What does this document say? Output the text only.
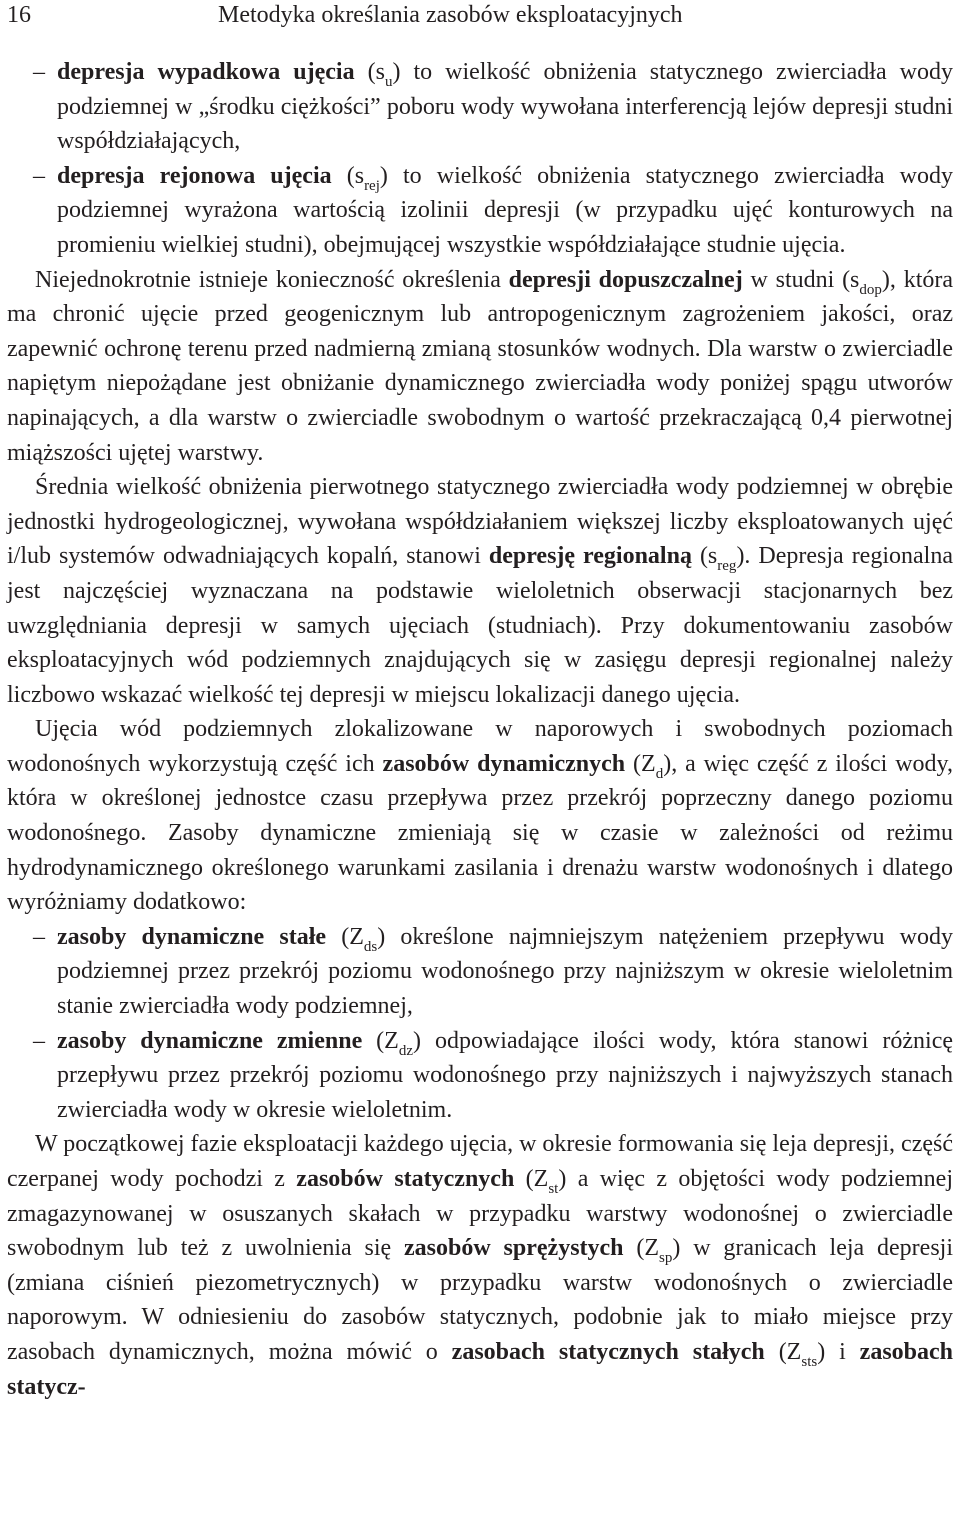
16	Metodyka określania zasobów eksploatacyjnych
– depresja wypadkowa ujęcia $(s_u)$ to wielkość obniżenia statycznego zwierciadła wody podziemnej w „środku ciężkości” poboru wody wywołana interferencją lejów depresji studni współdziałających,
– depresja rejonowa ujęcia $(s_{rej})$ to wielkość obniżenia statycznego zwierciadła wody podziemnej wyrażona wartością izolinii depresji (w przypadku ujęć konturowych na promieniu wielkiej studni), obejmującej wszystkie współdziałające studnie ujęcia.

Niejednokrotnie istnieje konieczność określenia depresji dopuszczalnej w studni $(s_{dop})$, która ma chronić ujęcie przed geogenicznym lub antropogenicznym zagrożeniem jakości, oraz zapewnić ochronę terenu przed nadmierną zmianą stosunków wodnych. Dla warstw o zwierciadle napiętym niepożądane jest obniżanie dynamicznego zwierciadła wody poniżej spągu utworów napinających, a dla warstw o zwierciadle swobodnym o wartość przekraczającą 0,4 pierwotnej miąższości ujętej warstwy.

Średnia wielkość obniżenia pierwotnego statycznego zwierciadła wody podziemnej w obrębie jednostki hydrogeologicznej, wywołana współdziałaniem większej liczby eksploatowanych ujęć i/lub systemów odwadniających kopalń, stanowi depresję regionalną $(s_{reg})$. Depresja regionalna jest najczęściej wyznaczana na podstawie wieloletnich obserwacji stacjonarnych bez uwzględniania depresji w samych ujęciach (studniach). Przy dokumentowaniu zasobów eksploatacyjnych wód podziemnych znajdujących się w zasięgu depresji regionalnej należy liczbowo wskazać wielkość tej depresji w miejscu lokalizacji danego ujęcia.

Ujęcia wód podziemnych zlokalizowane w naporowych i swobodnych poziomach wodonośnych wykorzystują część ich zasobów dynamicznych $(Z_d)$, a więc część z ilości wody, która w określonej jednostce czasu przepływa przez przekrój poprzeczny danego poziomu wodonośnego. Zasoby dynamiczne zmieniają się w czasie w zależności od reżimu hydrodynamicznego określonego warunkami zasilania i drenażu warstw wodonośnych i dlatego wyróżniamy dodatkowo:

– zasoby dynamiczne stałe $(Z_{ds})$ określone najmniejszym natężeniem przepływu wody podziemnej przez przekrój poziomu wodonośnego przy najniższym w okresie wieloletnim stanie zwierciadła wody podziemnej,
– zasoby dynamiczne zmienne $(Z_{dz})$ odpowiadające ilości wody, która stanowi różnicę przepływu przez przekrój poziomu wodonośnego przy najniższych i najwyższych stanach zwierciadła wody w okresie wieloletnim.

W początkowej fazie eksploatacji każdego ujęcia, w okresie formowania się leja depresji, część czerpanej wody pochodzi z zasobów statycznych $(Z_{st})$ a więc z objętości wody podziemnej zmagazynowanej w osuszanych skałach w przypadku warstwy wodonośnej o zwierciadle swobodnym lub też z uwolnienia się zasobów sprężystych $(Z_{sp})$ w granicach leja depresji (zmiana ciśnień piezometrycznych) w przypadku warstw wodonośnych o zwierciadle naporowym. W odniesieniu do zasobów statycznych, podobnie jak to miało miejsce przy zasobach dynamicznych, można mówić o zasobach statycznych stałych $(Z_{sts})$ i zasobach statycz-
